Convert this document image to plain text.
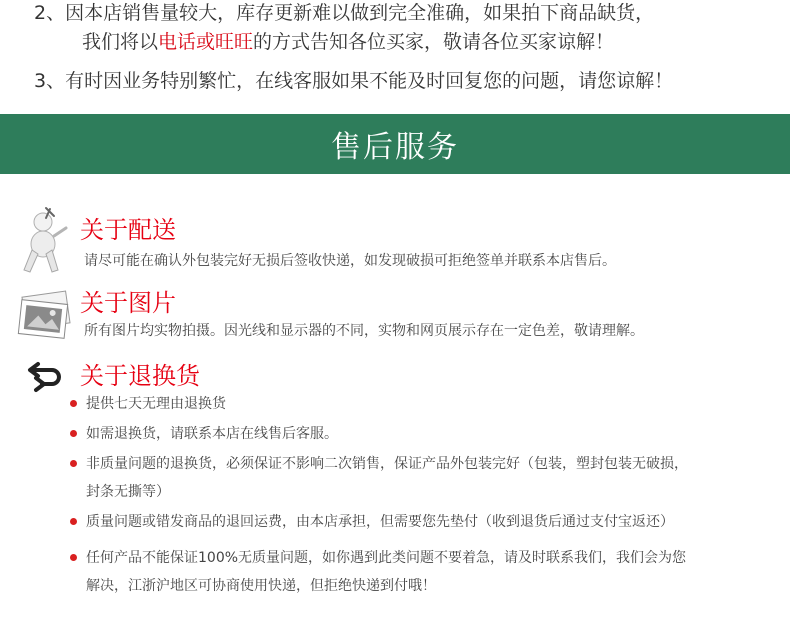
2、因本店销售量较大，库存更新难以做到完全准确，如果拍下商品缺货，
我们将以电话或旺旺的方式告知各位买家，敬请各位买家谅解！
3、有时因业务特别繁忙，在线客服如果不能及时回复您的问题，请您谅解！
售后服务
关于配送
请尽可能在确认外包装完好无损后签收快递，如发现破损可拒绝签单并联系本店售后。
关于图片
所有图片均实物拍摄。因光线和显示器的不同，实物和网页展示存在一定色差，敬请理解。
关于退换货
提供七天无理由退换货
如需退换货，请联系本店在线售后客服。
非质量问题的退换货，必须保证不影响二次销售，保证产品外包装完好（包装，塑封包装无破损，
封条无撕等）
质量问题或错发商品的退回运费，由本店承担，但需要您先垫付（收到退货后通过支付宝返还）
任何产品不能保证100%无质量问题，如你遇到此类问题不要着急，请及时联系我们，我们会为您
解决，江浙沪地区可协商使用快递，但拒绝快递到付哦！
